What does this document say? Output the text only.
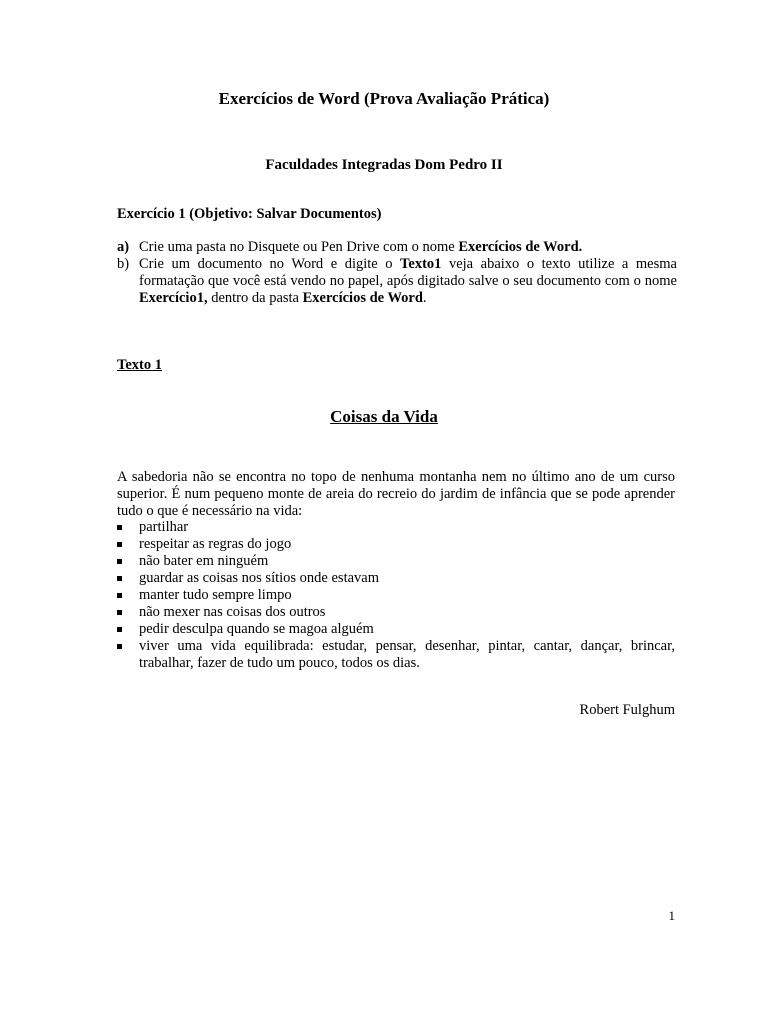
Exercícios de Word (Prova Avaliação Prática)
Faculdades Integradas Dom Pedro II
Exercício 1 (Objetivo: Salvar Documentos)
a) Crie uma pasta no Disquete ou Pen Drive com o nome Exercícios de Word.
b) Crie um documento no Word e digite o Texto1 veja abaixo o texto utilize a mesma formatação que você está vendo no papel, após digitado salve o seu documento com o nome Exercício1, dentro da pasta Exercícios de Word.
Texto 1
Coisas da Vida
A sabedoria não se encontra no topo de nenhuma montanha nem no último ano de um curso superior. É num pequeno monte de areia do recreio do jardim de infância que se pode aprender tudo o que é necessário na vida:
partilhar
respeitar as regras do jogo
não bater em ninguém
guardar as coisas nos sítios onde estavam
manter tudo sempre limpo
não mexer nas coisas dos outros
pedir desculpa quando se magoa alguém
viver uma vida equilibrada: estudar, pensar, desenhar, pintar, cantar, dançar, brincar, trabalhar, fazer de tudo um pouco, todos os dias.
Robert Fulghum
1
